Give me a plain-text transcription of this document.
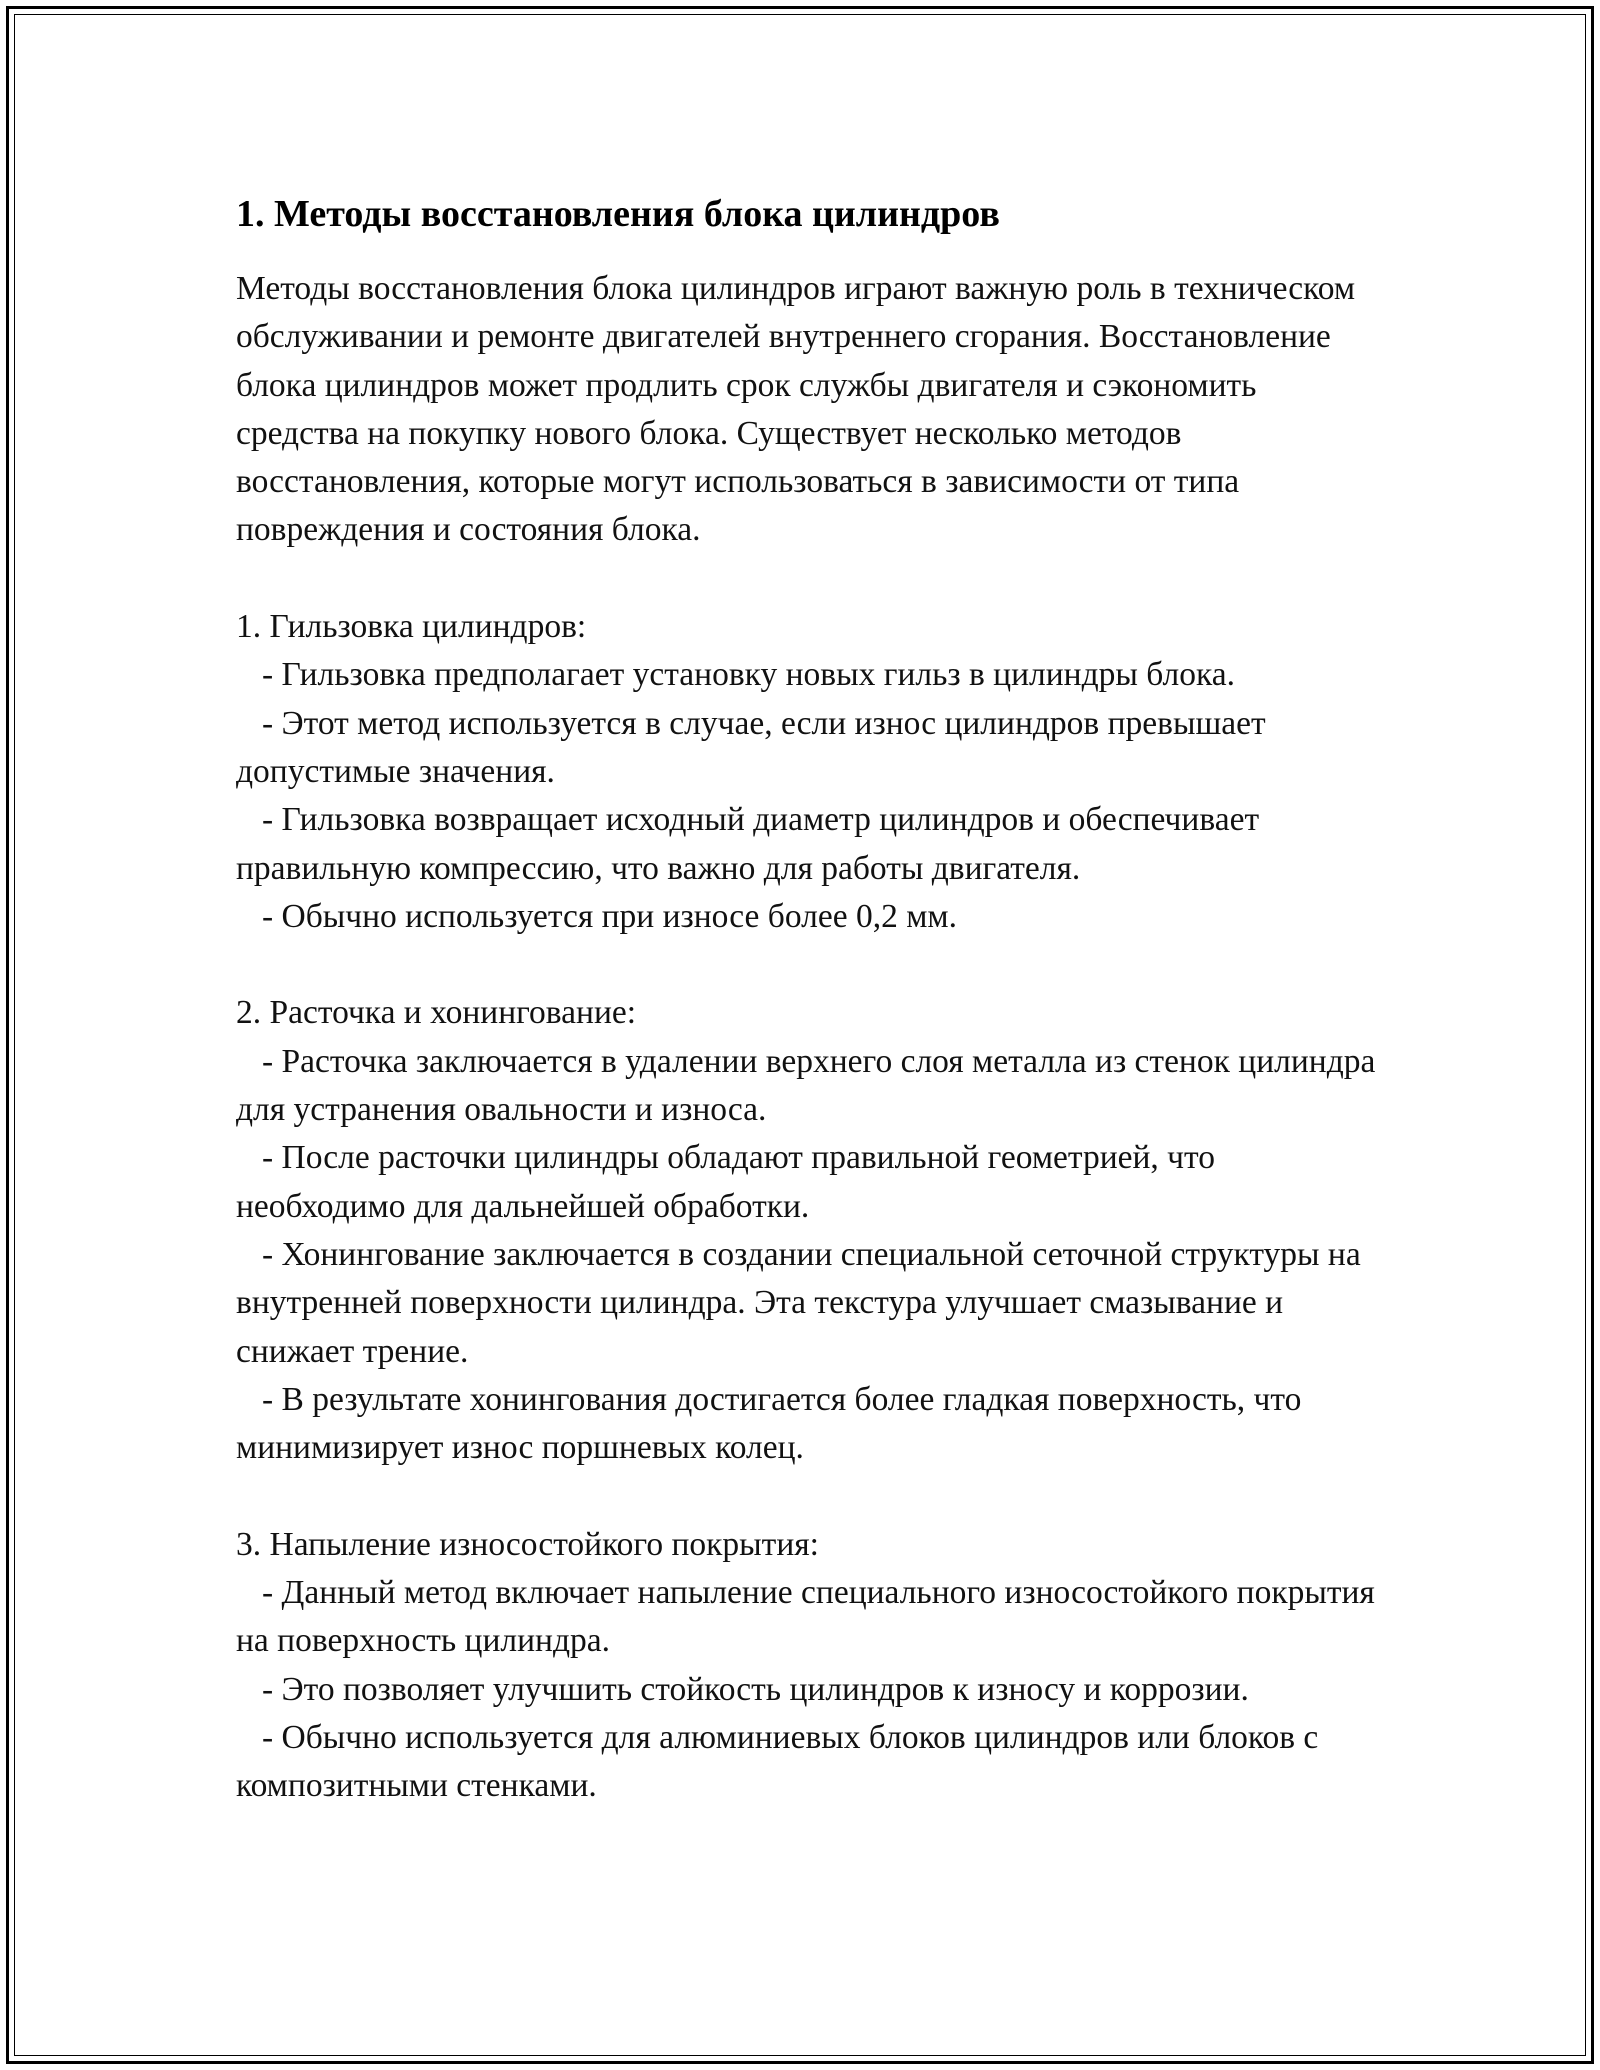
1. Методы восстановления блока цилиндров

Методы восстановления блока цилиндров играют важную роль в техническом обслуживании и ремонте двигателей внутреннего сгорания. Восстановление блока цилиндров может продлить срок службы двигателя и сэкономить средства на покупку нового блока. Существует несколько методов восстановления, которые могут использоваться в зависимости от типа повреждения и состояния блока.

1. Гильзовка цилиндров:

- Гильзовка предполагает установку новых гильз в цилиндры блока.

- Этот метод используется в случае, если износ цилиндров превышает допустимые значения.

- Гильзовка возвращает исходный диаметр цилиндров и обеспечивает правильную компрессию, что важно для работы двигателя.

- Обычно используется при износе более 0,2 мм.

2. Расточка и хонингование:

- Расточка заключается в удалении верхнего слоя металла из стенок цилиндра для устранения овальности и износа.

- После расточки цилиндры обладают правильной геометрией, что необходимо для дальнейшей обработки.

- Хонингование заключается в создании специальной сеточной структуры на внутренней поверхности цилиндра. Эта текстура улучшает смазывание и снижает трение.

- В результате хонингования достигается более гладкая поверхность, что минимизирует износ поршневых колец.

3. Напыление износостойкого покрытия:

- Данный метод включает напыление специального износостойкого покрытия на поверхность цилиндра.

- Это позволяет улучшить стойкость цилиндров к износу и коррозии.

- Обычно используется для алюминиевых блоков цилиндров или блоков с композитными стенками.
